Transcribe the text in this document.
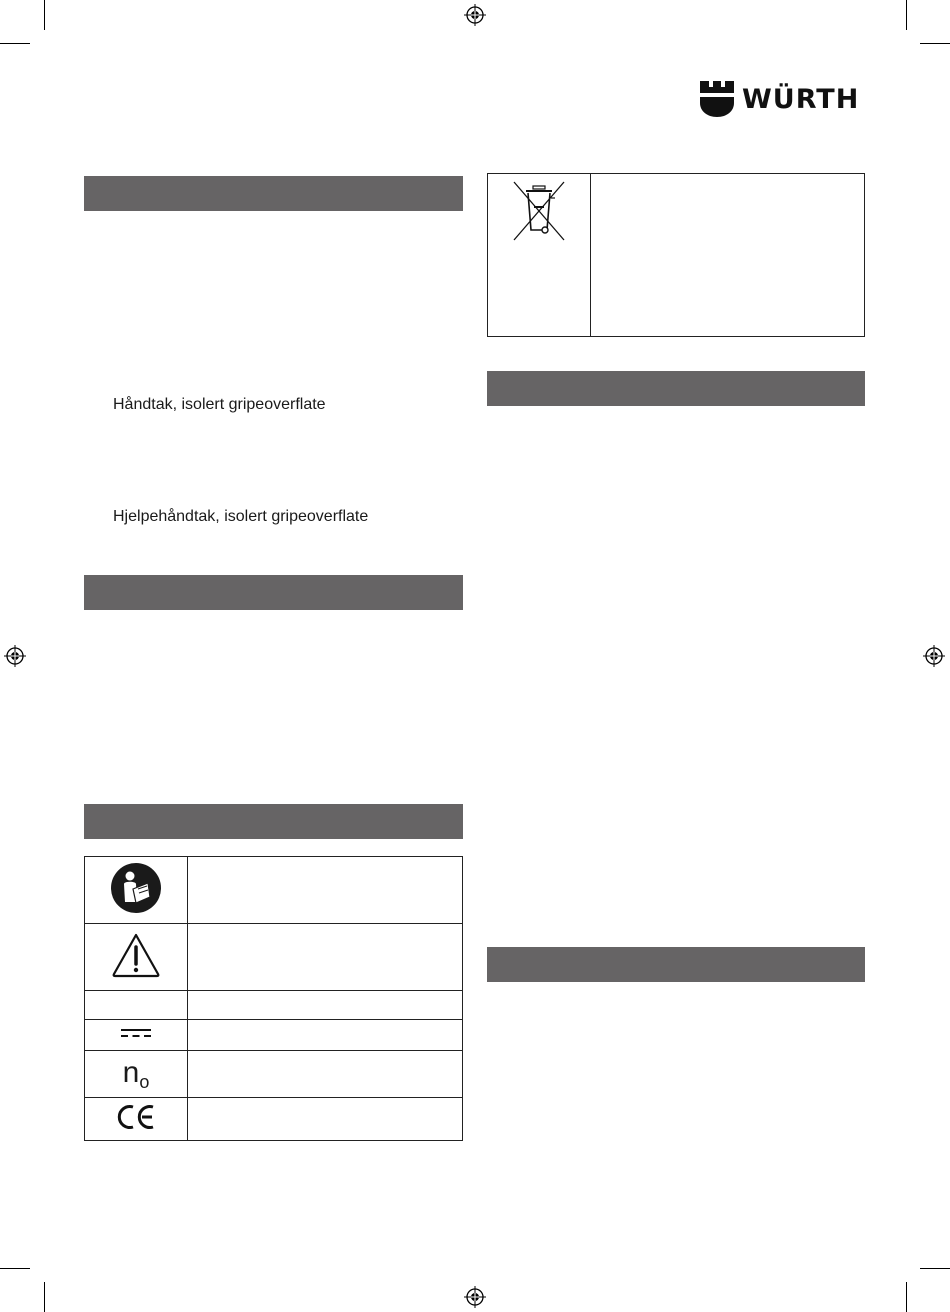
WÜRTH
Håndtak, isolert gripeoverflate
Hjelpehåndtak, isolert gripeoverflate

$n_o$	
